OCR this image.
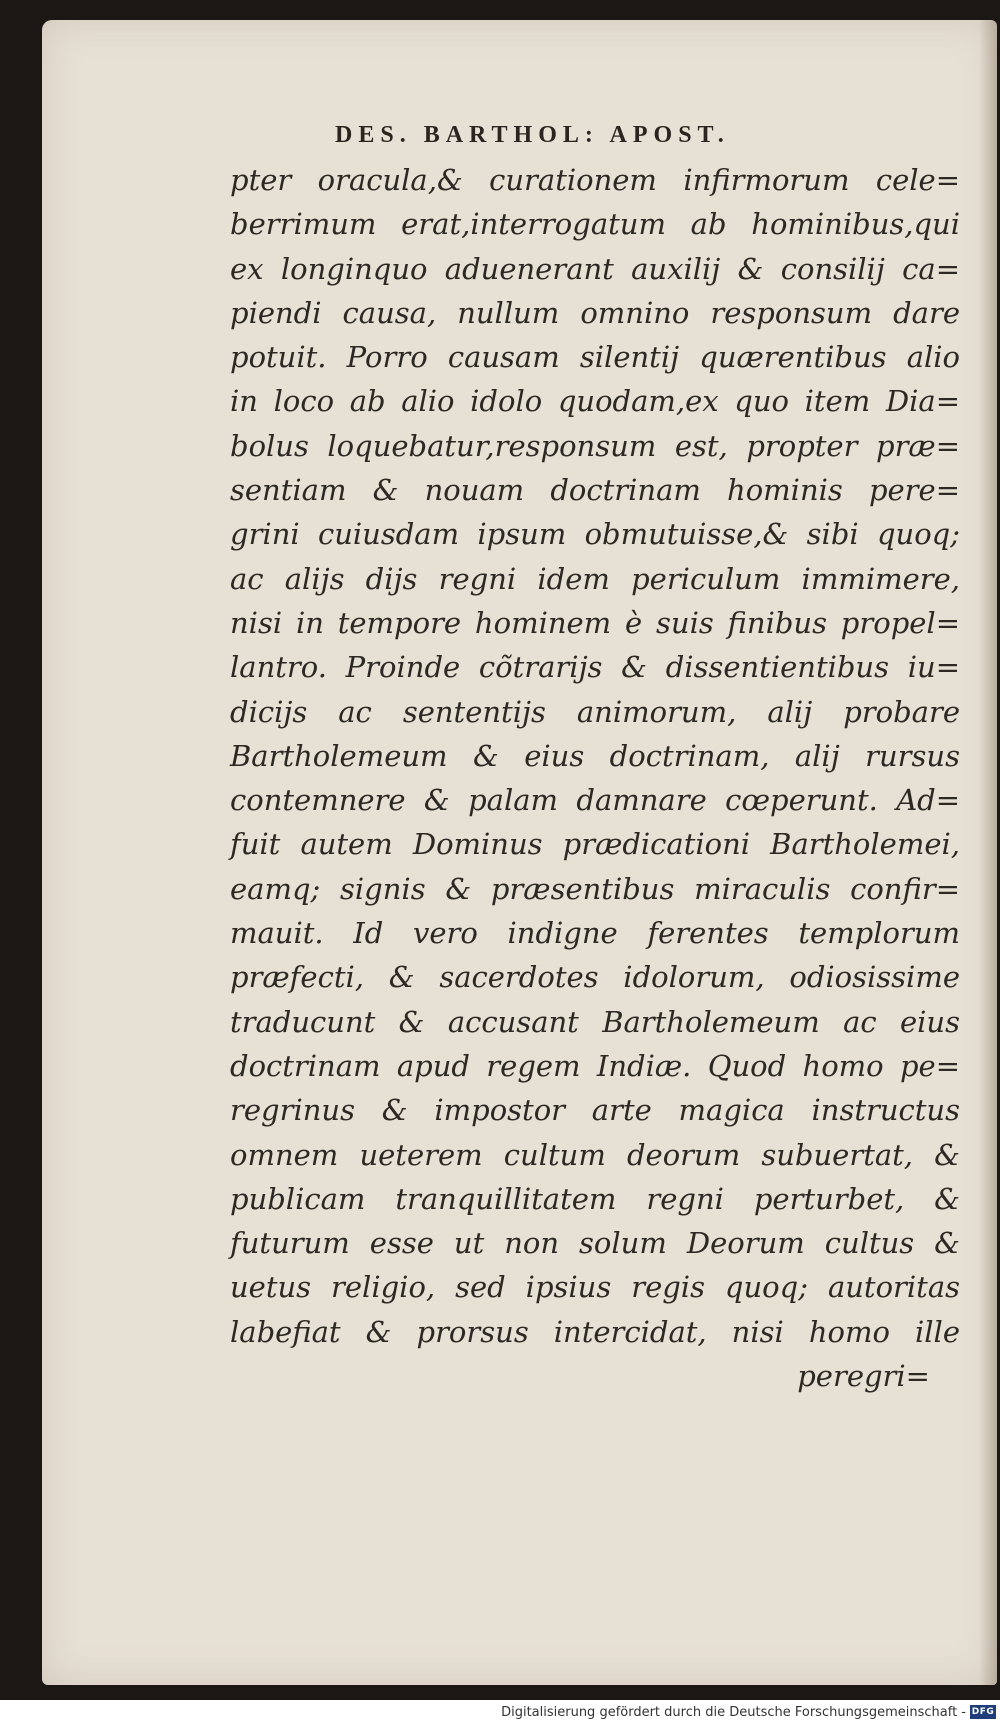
DES. BARTHOL: APOST.
pter oracula,& curationem infirmorum cele=
berrimum erat,interrogatum ab hominibus,qui
ex longinquo aduenerant auxilij & consilij ca=
piendi causa, nullum omnino responsum dare
potuit. Porro causam silentij quærentibus alio
in loco ab alio idolo quodam,ex quo item Dia=
bolus loquebatur,responsum est, propter præ=
sentiam & nouam doctrinam hominis pere=
grini cuiusdam ipsum obmutuisse,& sibi quoq;
ac alijs dijs regni idem periculum immimere,
nisi in tempore hominem è suis finibus propel=
lantro. Proinde cõtrarijs & dissentientibus iu=
dicijs ac sententijs animorum, alij probare
Bartholemeum & eius doctrinam, alij rursus
contemnere & palam damnare cœperunt. Ad=
fuit autem Dominus prædicationi Bartholemei,
eamq; signis & præsentibus miraculis confir=
mauit. Id vero indigne ferentes templorum
præfecti, & sacerdotes idolorum, odiosissime
traducunt & accusant Bartholemeum ac eius
doctrinam apud regem Indiæ. Quod homo pe=
regrinus & impostor arte magica instructus
omnem ueterem cultum deorum subuertat, &
publicam tranquillitatem regni perturbet, &
futurum esse ut non solum Deorum cultus &
uetus religio, sed ipsius regis quoq; autoritas
labefiat & prorsus intercidat, nisi homo ille
peregri=
Digitalisierung gefördert durch die Deutsche Forschungsgemeinschaft - DFG
